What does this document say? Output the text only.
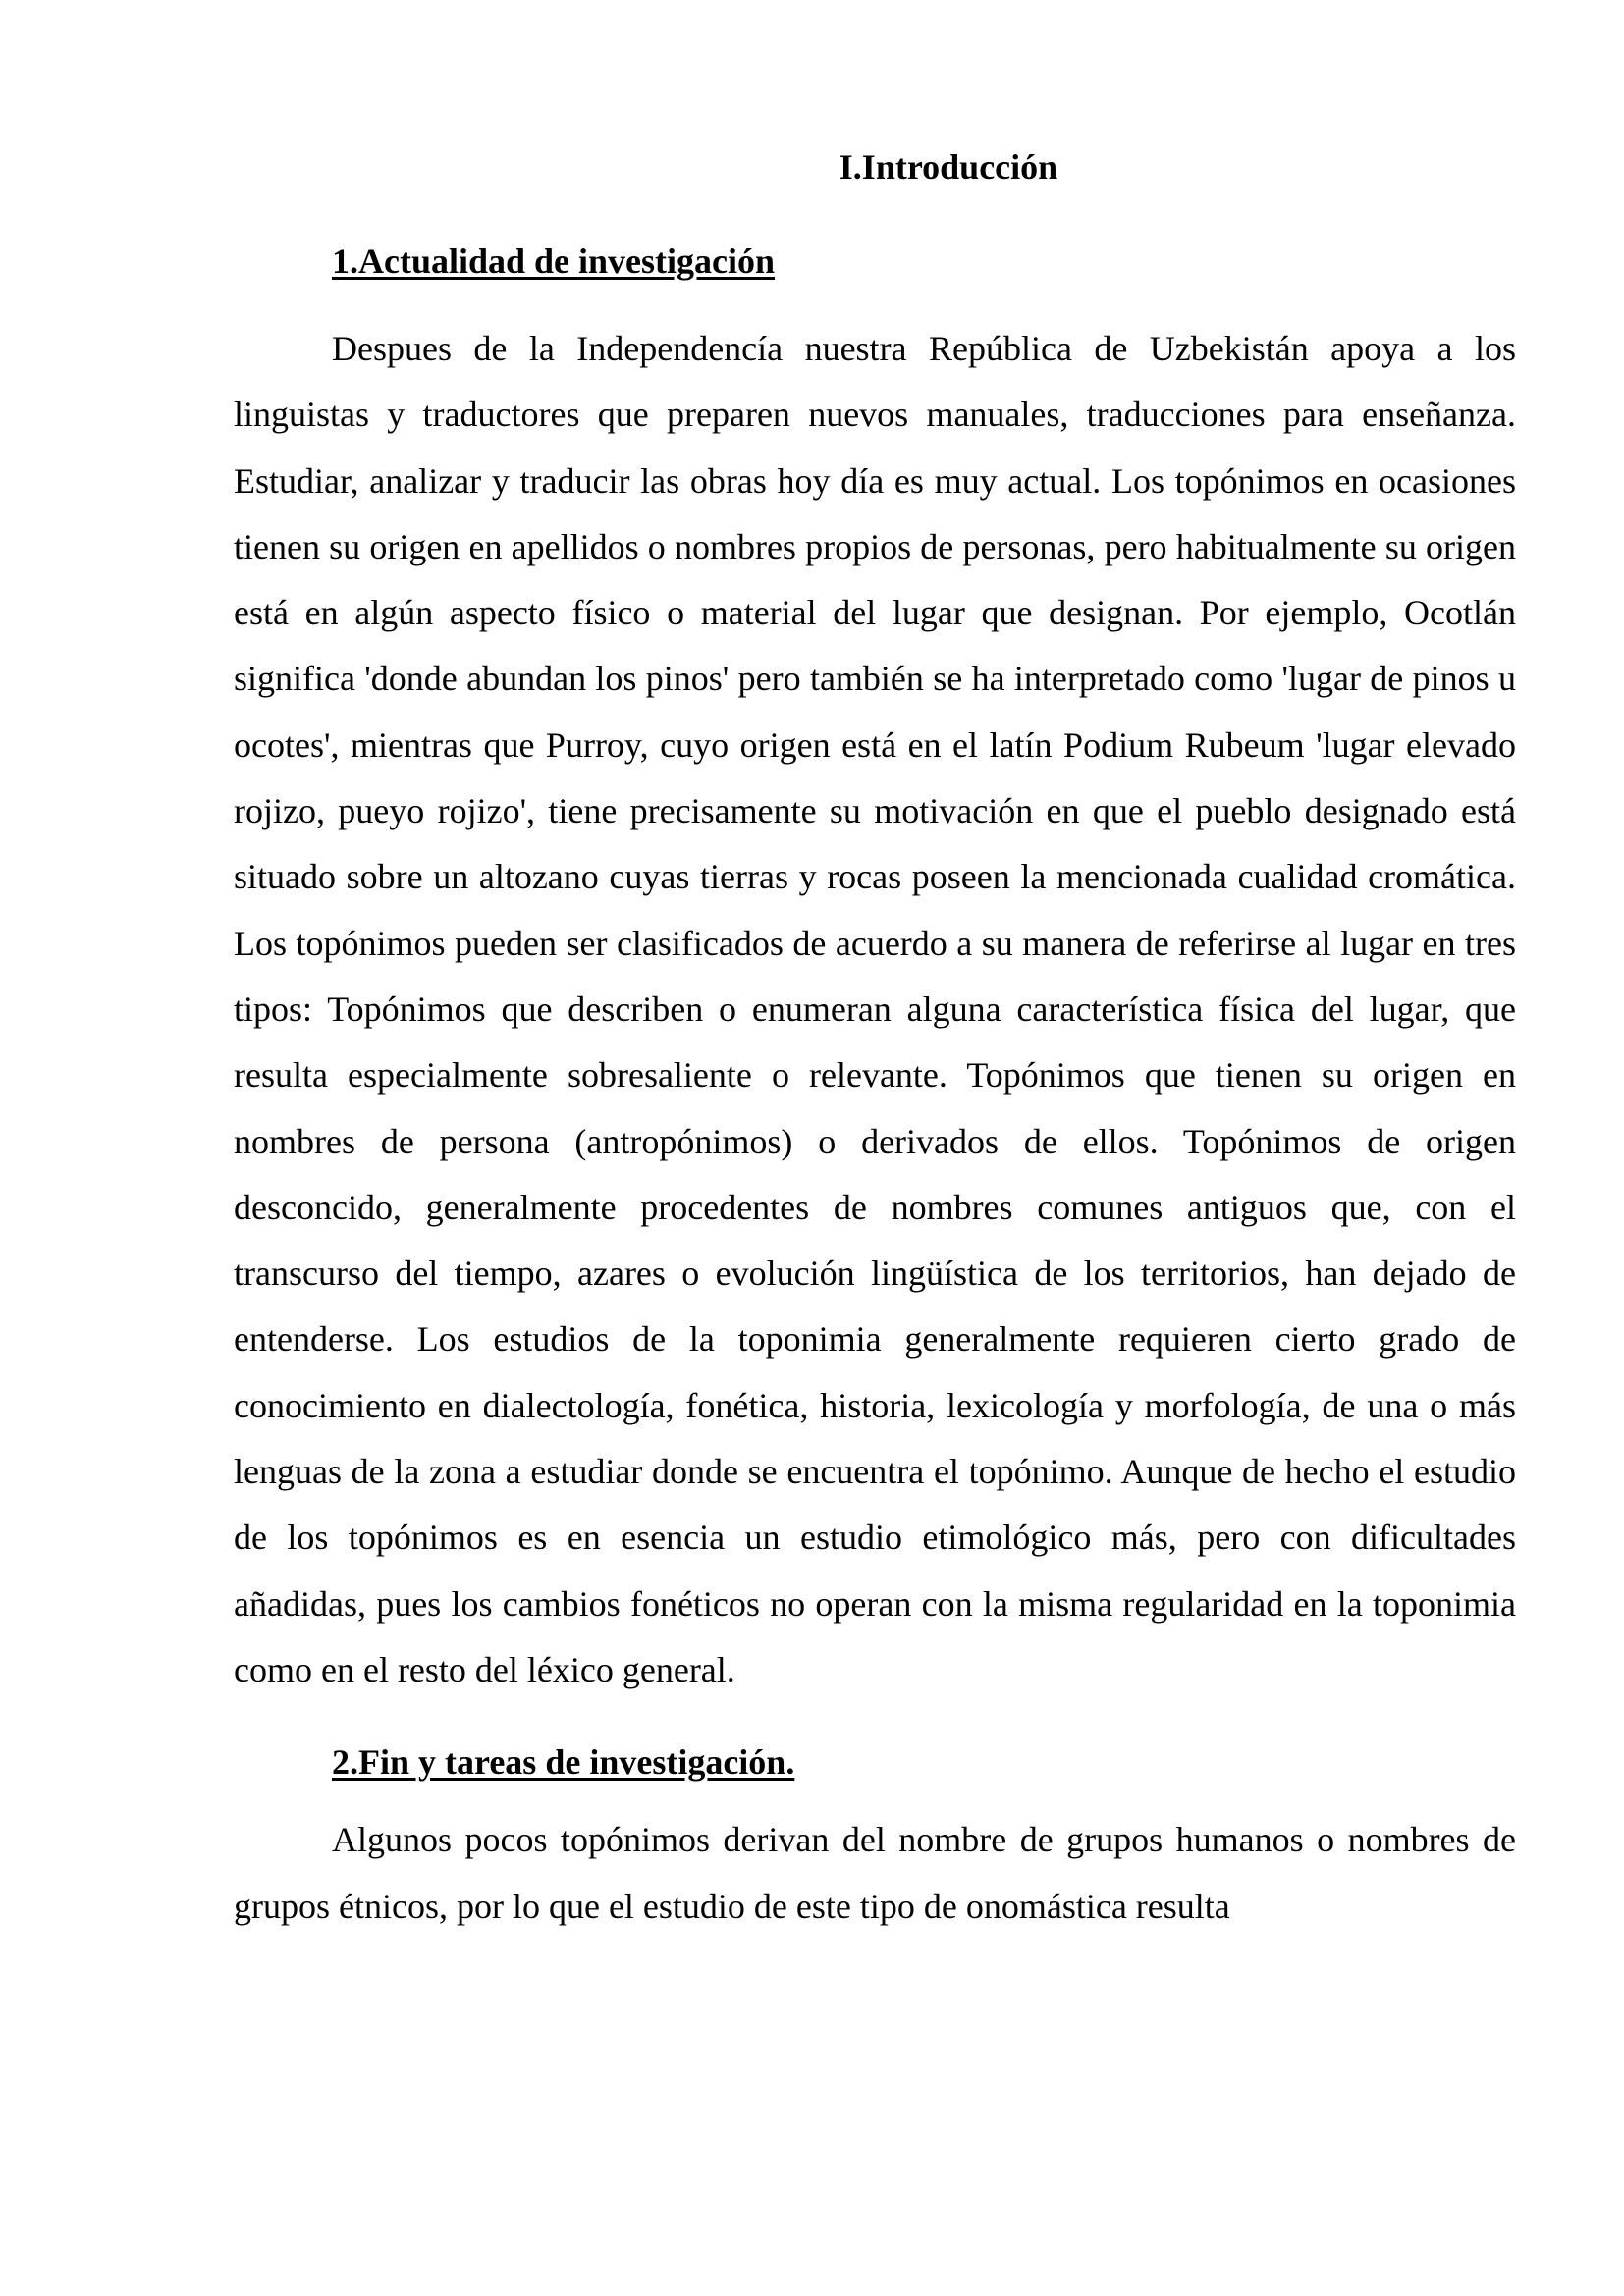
I.Introducción
1.Actualidad de investigación

Despues de la Independencía nuestra República de Uzbekistán apoya a los linguistas y traductores que preparen nuevos manuales, traducciones para enseñanza. Estudiar, analizar y traducir las obras hoy día es muy actual. Los topónimos en ocasiones tienen su origen en apellidos o nombres propios de personas, pero habitualmente su origen está en algún aspecto físico o material del lugar que designan. Por ejemplo, Ocotlán significa 'donde abundan los pinos' pero también se ha interpretado como 'lugar de pinos u ocotes', mientras que Purroy, cuyo origen está en el latín Podium Rubeum 'lugar elevado rojizo, pueyo rojizo', tiene precisamente su motivación en que el pueblo designado está situado sobre un altozano cuyas tierras y rocas poseen la mencionada cualidad cromática. Los topónimos pueden ser clasificados de acuerdo a su manera de referirse al lugar en tres tipos: Topónimos que describen o enumeran alguna característica física del lugar, que resulta especialmente sobresaliente o relevante. Topónimos que tienen su origen en nombres de persona (antropónimos) o derivados de ellos. Topónimos de origen desconcido, generalmente procedentes de nombres comunes antiguos que, con el transcurso del tiempo, azares o evolución lingüística de los territorios, han dejado de entenderse. Los estudios de la toponimia generalmente requieren cierto grado de conocimiento en dialectología, fonética, historia, lexicología y morfología, de una o más lenguas de la zona a estudiar donde se encuentra el topónimo. Aunque de hecho el estudio de los topónimos es en esencia un estudio etimológico más, pero con dificultades añadidas, pues los cambios fonéticos no operan con la misma regularidad en la toponimia como en el resto del léxico general.

2.Fin y tareas de investigación.

Algunos pocos topónimos derivan del nombre de grupos humanos o nombres de grupos étnicos, por lo que el estudio de este tipo de onomástica resulta
